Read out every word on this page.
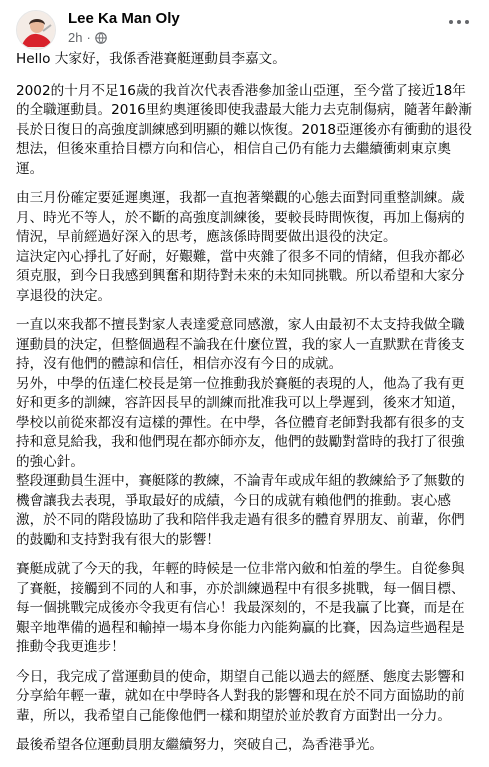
Lee Ka Man Oly
2h ·

Hello 大家好，我係香港賽艇運動員李嘉文。

2002的十月不足16歲的我首次代表香港參加釜山亞運，至今當了接近18年的全職運動員。2016里約奧運後即使我盡最大能力去克制傷病，隨著年齡漸長於日復日的高強度訓練感到明顯的難以恢復。2018亞運後亦有衝動的退役想法，但後來重拾目標方向和信心，相信自己仍有能力去繼續衝刺東京奧運。

由三月份確定要延遲奧運，我都一直抱著樂觀的心態去面對同重整訓練。歲月、時光不等人，於不斷的高強度訓練後，要較長時間恢復，再加上傷病的情況，早前經過好深入的思考，應該係時間要做出退役的決定。
這決定內心掙扎了好耐，好艱難，當中夾雜了很多不同的情緒，但我亦都必須克服，到今日我感到興奮和期待對未來的未知同挑戰。所以希望和大家分享退役的決定。

一直以來我都不擅長對家人表達愛意同感激，家人由最初不太支持我做全職運動員的決定，但整個過程不論我在什麼位置，我的家人一直默默在背後支持，沒有他們的體諒和信任，相信亦沒有今日的成就。
另外，中學的伍達仁校長是第一位推動我於賽艇的表現的人，他為了我有更好和更多的訓練，容許因長早的訓練而批准我可以上學遲到，後來才知道，學校以前從來都沒有這樣的彈性。在中學，各位體育老師對我都有很多的支持和意見給我，我和他們現在都亦師亦友，他們的鼓勵對當時的我打了很強的強心針。
整段運動員生涯中，賽艇隊的教練，不論青年或成年組的教練給予了無數的機會讓我去表現，爭取最好的成績，今日的成就有賴他們的推動。衷心感激，於不同的階段協助了我和陪伴我走過有很多的體育界朋友、前輩，你們的鼓勵和支持對我有很大的影響！

賽艇成就了今天的我，年輕的時候是一位非常內斂和怕羞的學生。自從參與了賽艇，接觸到不同的人和事，亦於訓練過程中有很多挑戰，每一個目標、每一個挑戰完成後亦令我更有信心！我最深刻的，不是我贏了比賽，而是在艱辛地準備的過程和輸掉一場本身你能力內能夠贏的比賽，因為這些過程是推動令我更進步！

今日，我完成了當運動員的使命，期望自己能以過去的經歷、態度去影響和分享給年輕一輩，就如在中學時各人對我的影響和現在於不同方面協助的前輩，所以，我希望自己能像他們一樣和期望於並於教育方面對出一分力。

最後希望各位運動員朋友繼續努力，突破自己，為香港爭光。
